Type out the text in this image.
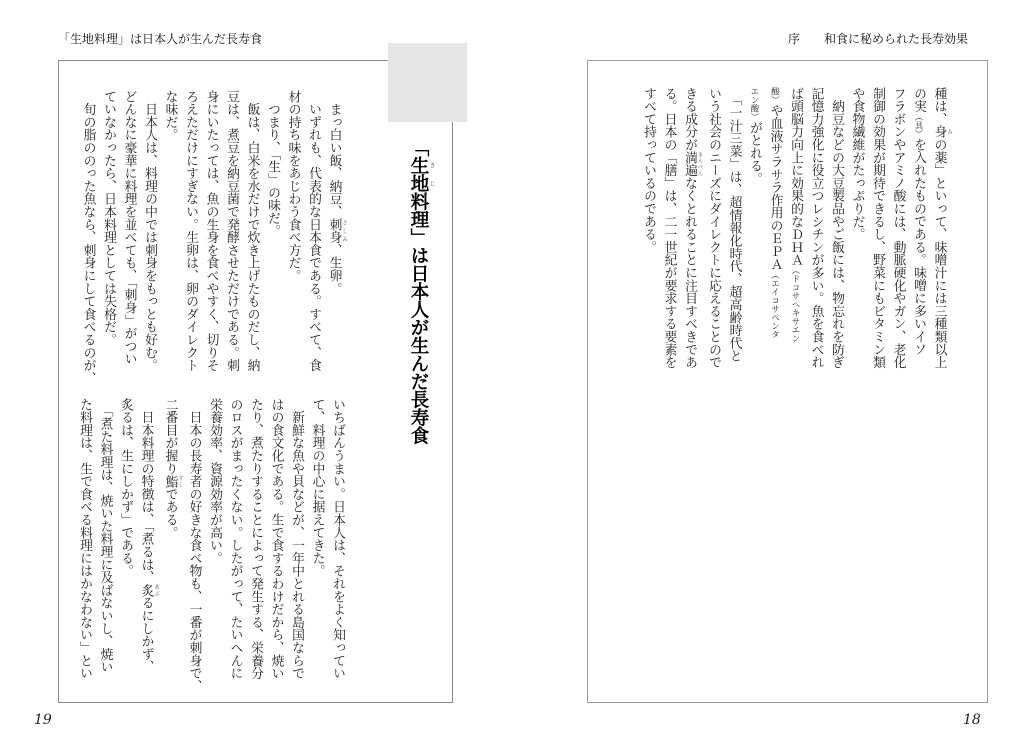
「生地料理」は日本人が生んだ長寿食	序　　和食に秘められた長寿効果
「生地 きじ料理」は日本人が生んだ長寿食
　まっ白い飯、納豆、刺身 さしみ、生卵。
　いずれも、代表的な日本食である。すべて、食
材の持ち味をあじわう食べ方だ。
　つまり、「生」の味だ。
　飯は、白米を水だけで炊き上げたものだし、納
豆は、煮豆を納豆菌で発酵させただけである。刺
身にいたっては、魚の生身を食べやすく、切りそ
ろえただけにすぎない。生卵は、卵のダイレクト
な味だ。
　日本人は、料理の中では刺身をもっとも好む。
どんなに豪華に料理を並べても、「刺身」がつい
ていなかったら、日本料理としては失格だ。
　旬の脂ののった魚なら、刺身にして食べるのが、
いちばんうまい。日本人は、それをよく知ってい
て、料理の中心に据えてきた。
　新鮮な魚や貝などが、一年中とれる島国ならで
はの食文化である。生で食するわけだから、焼い
たり、煮たりすることによって発生する、栄養分
のロスがまったくない。したがって、たいへんに
栄養効率、資源効率が高い。
　日本の長寿者の好きな食べ物も、一番が刺身で、
二番目が握り鮨 すしである。
　日本料理の特徴は、「煮るは、炙 あぶるにしかず、
炙るは、生にしかず」である。
　「煮た料理は、焼いた料理に及ばないし、焼い
た料理は、生で食べる料理にはかなわない」とい
種は、身 みの薬」といって、味噌汁には三種類以上
の実（具）を入れたものである。味噌に多いイソ
フラボンやアミノ酸には、動脈硬化やガン、老化
制御の効果が期待できるし、野菜にもビタミン類
や食物繊維がたっぷりだ。
　納豆などの大豆製品やご飯には、物忘れを防ぎ
記憶力強化に役立つレシチンが多い。魚を食べれ
ば頭脳力向上に効果的なＤＨＡ（ドコサヘキサエン
酸）や血液サラサラ作用のＥＰＡ（エイコサペンタ
エン酸）がとれる。
　「一汁三菜」は、超情報化時代、超高齢時代と
いう社会のニーズにダイレクトに応えることので
きる成分が満遍 まんべんなくとれることに注目すべきであ
る。日本の「膳」は、二一世紀が要求する要素を
すべて持っているのである。
19	18
